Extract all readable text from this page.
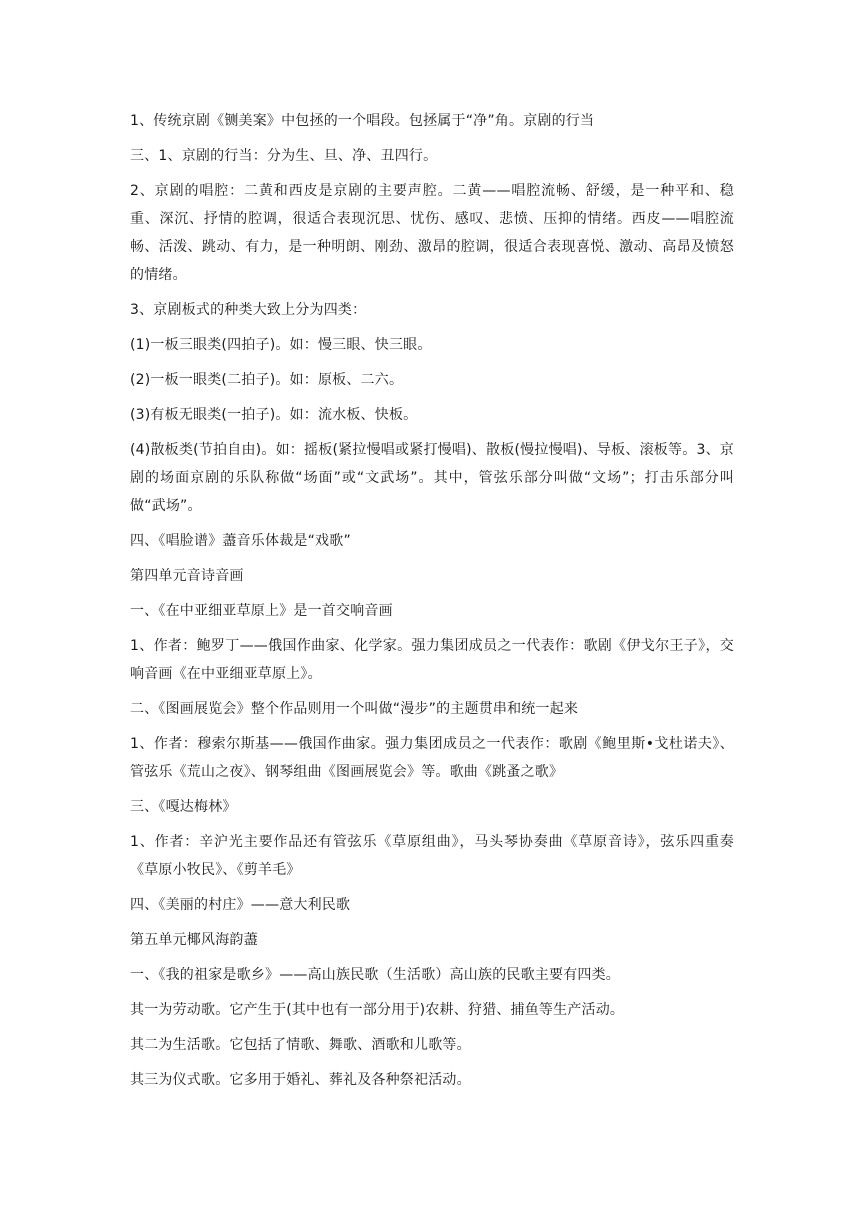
1、传统京剧《铡美案》中包拯的一个唱段。包拯属于“净”角。京剧的行当

三、1、京剧的行当：分为生、旦、净、丑四行。

2、京剧的唱腔：二黄和西皮是京剧的主要声腔。二黄——唱腔流畅、舒缓，是一种平和、稳重、深沉、抒情的腔调，很适合表现沉思、忧伤、感叹、悲愤、压抑的情绪。西皮——唱腔流畅、活泼、跳动、有力，是一种明朗、刚劲、激昂的腔调，很适合表现喜悦、激动、高昂及愤怒的情绪。

3、京剧板式的种类大致上分为四类：

(1)一板三眼类(四拍子)。如：慢三眼、快三眼。

(2)一板一眼类(二拍子)。如：原板、二六。

(3)有板无眼类(一拍子)。如：流水板、快板。

(4)散板类(节拍自由)。如：摇板(紧拉慢唱或紧打慢唱)、散板(慢拉慢唱)、导板、滚板等。3、京剧的场面京剧的乐队称做“场面”或“文武场”。其中，管弦乐部分叫做“文场”；打击乐部分叫做“武场”。

四、《唱脸谱》藎音乐体裁是“戏歌”

第四单元音诗音画

一、《在中亚细亚草原上》是一首交响音画

1、作者：鲍罗丁——俄国作曲家、化学家。强力集团成员之一代表作：歌剧《伊戈尔王子》，交响音画《在中亚细亚草原上》。

二、《图画展览会》整个作品则用一个叫做“漫步”的主题贯串和统一起来

1、作者：穆索尔斯基——俄国作曲家。强力集团成员之一代表作：歌剧《鲍里斯•戈杜诺夫》、管弦乐《荒山之夜》、钢琴组曲《图画展览会》等。歌曲《跳蚤之歌》

三、《嘎达梅林》

1、作者：辛沪光主要作品还有管弦乐《草原组曲》，马头琴协奏曲《草原音诗》，弦乐四重奏《草原小牧民》、《剪羊毛》

四、《美丽的村庄》——意大利民歌

第五单元椰风海韵藎

一、《我的祖家是歌乡》——高山族民歌（生活歌）高山族的民歌主要有四类。

其一为劳动歌。它产生于(其中也有一部分用于)农耕、狩猎、捕鱼等生产活动。

其二为生活歌。它包括了情歌、舞歌、酒歌和儿歌等。

其三为仪式歌。它多用于婚礼、葬礼及各种祭祀活动。
